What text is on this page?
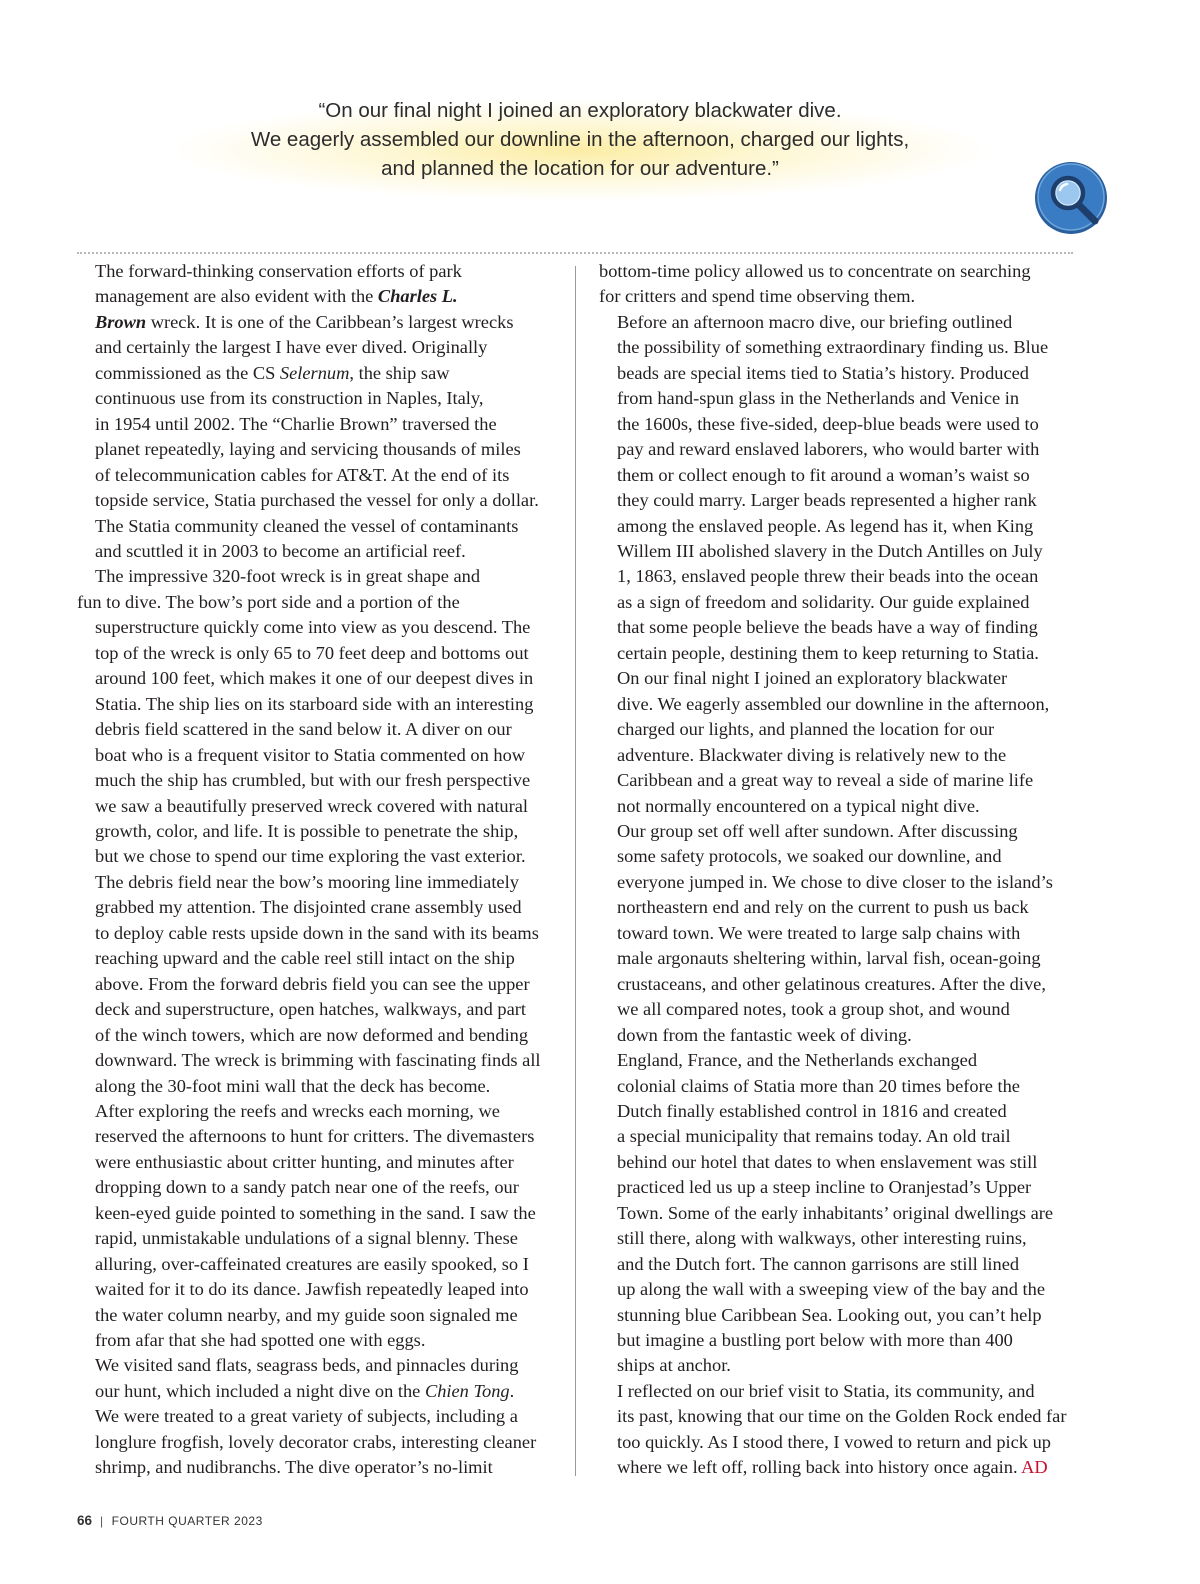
“On our final night I joined an exploratory blackwater dive.
We eagerly assembled our downline in the afternoon, charged our lights,
and planned the location for our adventure.”

The forward-thinking conservation efforts of park
management are also evident with the Charles L.
Brown wreck. It is one of the Caribbean’s largest wrecks
and certainly the largest I have ever dived. Originally
commissioned as the CS Selernum, the ship saw
continuous use from its construction in Naples, Italy,
in 1954 until 2002. The “Charlie Brown” traversed the
planet repeatedly, laying and servicing thousands of miles
of telecommunication cables for AT&T. At the end of its
topside service, Statia purchased the vessel for only a dollar.
The Statia community cleaned the vessel of contaminants
and scuttled it in 2003 to become an artificial reef.

The impressive 320-foot wreck is in great shape and
fun to dive. The bow’s port side and a portion of the
superstructure quickly come into view as you descend. The
top of the wreck is only 65 to 70 feet deep and bottoms out
around 100 feet, which makes it one of our deepest dives in
Statia. The ship lies on its starboard side with an interesting
debris field scattered in the sand below it. A diver on our
boat who is a frequent visitor to Statia commented on how
much the ship has crumbled, but with our fresh perspective
we saw a beautifully preserved wreck covered with natural
growth, color, and life. It is possible to penetrate the ship,
but we chose to spend our time exploring the vast exterior.

The debris field near the bow’s mooring line immediately
grabbed my attention. The disjointed crane assembly used
to deploy cable rests upside down in the sand with its beams
reaching upward and the cable reel still intact on the ship
above. From the forward debris field you can see the upper
deck and superstructure, open hatches, walkways, and part
of the winch towers, which are now deformed and bending
downward. The wreck is brimming with fascinating finds all
along the 30-foot mini wall that the deck has become.

After exploring the reefs and wrecks each morning, we
reserved the afternoons to hunt for critters. The divemasters
were enthusiastic about critter hunting, and minutes after
dropping down to a sandy patch near one of the reefs, our
keen-eyed guide pointed to something in the sand. I saw the
rapid, unmistakable undulations of a signal blenny. These
alluring, over-caffeinated creatures are easily spooked, so I
waited for it to do its dance. Jawfish repeatedly leaped into
the water column nearby, and my guide soon signaled me
from afar that she had spotted one with eggs.

We visited sand flats, seagrass beds, and pinnacles during
our hunt, which included a night dive on the Chien Tong.
We were treated to a great variety of subjects, including a
longlure frogfish, lovely decorator crabs, interesting cleaner
shrimp, and nudibranchs. The dive operator’s no-limit

bottom-time policy allowed us to concentrate on searching
for critters and spend time observing them.

Before an afternoon macro dive, our briefing outlined
the possibility of something extraordinary finding us. Blue
beads are special items tied to Statia’s history. Produced
from hand-spun glass in the Netherlands and Venice in
the 1600s, these five-sided, deep-blue beads were used to
pay and reward enslaved laborers, who would barter with
them or collect enough to fit around a woman’s waist so
they could marry. Larger beads represented a higher rank
among the enslaved people. As legend has it, when King
Willem III abolished slavery in the Dutch Antilles on July
1, 1863, enslaved people threw their beads into the ocean
as a sign of freedom and solidarity. Our guide explained
that some people believe the beads have a way of finding
certain people, destining them to keep returning to Statia.

On our final night I joined an exploratory blackwater
dive. We eagerly assembled our downline in the afternoon,
charged our lights, and planned the location for our
adventure. Blackwater diving is relatively new to the
Caribbean and a great way to reveal a side of marine life
not normally encountered on a typical night dive.

Our group set off well after sundown. After discussing
some safety protocols, we soaked our downline, and
everyone jumped in. We chose to dive closer to the island’s
northeastern end and rely on the current to push us back
toward town. We were treated to large salp chains with
male argonauts sheltering within, larval fish, ocean-going
crustaceans, and other gelatinous creatures. After the dive,
we all compared notes, took a group shot, and wound
down from the fantastic week of diving.

England, France, and the Netherlands exchanged
colonial claims of Statia more than 20 times before the
Dutch finally established control in 1816 and created
a special municipality that remains today. An old trail
behind our hotel that dates to when enslavement was still
practiced led us up a steep incline to Oranjestad’s Upper
Town. Some of the early inhabitants’ original dwellings are
still there, along with walkways, other interesting ruins,
and the Dutch fort. The cannon garrisons are still lined
up along the wall with a sweeping view of the bay and the
stunning blue Caribbean Sea. Looking out, you can’t help
but imagine a bustling port below with more than 400
ships at anchor.

I reflected on our brief visit to Statia, its community, and
its past, knowing that our time on the Golden Rock ended far
too quickly. As I stood there, I vowed to return and pick up
where we left off, rolling back into history once again. AD

66 | FOURTH QUARTER 2023
